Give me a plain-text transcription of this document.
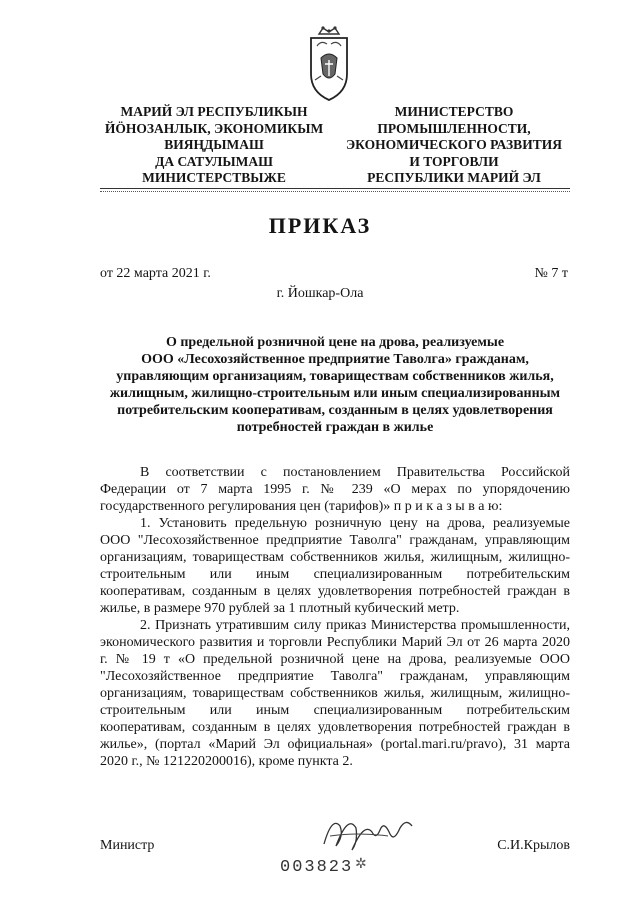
МАРИЙ ЭЛ РЕСПУБЛИКЫН
ЙӦНОЗАНЛЫК, ЭКОНОМИКЫМ
ВИЯҢДЫМАШ
ДА САТУЛЫМАШ
МИНИСТЕРСТВЫЖЕ
МИНИСТЕРСТВО
ПРОМЫШЛЕННОСТИ,
ЭКОНОМИЧЕСКОГО РАЗВИТИЯ
И ТОРГОВЛИ
РЕСПУБЛИКИ МАРИЙ ЭЛ
ПРИКАЗ
от 22 марта 2021 г.	№ 7 т
г. Йошкар-Ола
О предельной розничной цене на дрова, реализуемые
ООО «Лесохозяйственное предприятие Таволга» гражданам,
управляющим организациям, товариществам собственников жилья,
жилищным, жилищно-строительным или иным специализированным
потребительским кооперативам, созданным в целях удовлетворения
потребностей граждан в жилье

В соответствии с постановлением Правительства Российской Федерации от 7 марта 1995 г. № 239 «О мерах по упорядочению государственного регулирования цен (тарифов)» п р и к а з ы в а ю:

1. Установить предельную розничную цену на дрова, реализуемые ООО "Лесохозяйственное предприятие Таволга" гражданам, управляющим организациям, товариществам собственников жилья, жилищным, жилищно-строительным или иным специализированным потребительским кооперативам, созданным в целях удовлетворения потребностей граждан в жилье, в размере 970 рублей за 1 плотный кубический метр.

2. Признать утратившим силу приказ Министерства промышленности, экономического развития и торговли Республики Марий Эл от 26 марта 2020 г. № 19 т «О предельной розничной цене на дрова, реализуемые ООО "Лесохозяйственное предприятие Таволга" гражданам, управляющим организациям, товариществам собственников жилья, жилищным, жилищно-строительным или иным специализированным потребительским кооперативам, созданным в целях удовлетворения потребностей граждан в жилье», (портал «Марий Эл официальная» (portal.mari.ru/pravo), 31 марта 2020 г., № 121220200016), кроме пункта 2.

Министр	С.И.Крылов
003823 ✲
